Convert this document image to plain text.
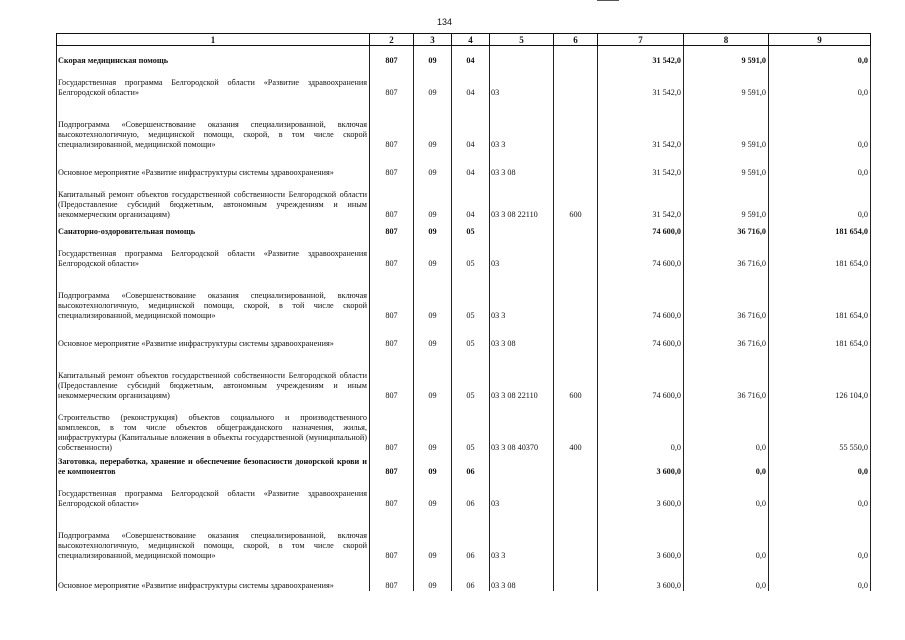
134
1	2	3	4	5	6	7	8	9
Скорая медицинская помощь	807	09	04			31 542,0	9 591,0	0,0
Государственная программа Белгородской области «Развитие здравоохранения Белгородской области»	807	09	04	03		31 542,0	9 591,0	0,0
Подпрограмма «Совершенствование оказания специализированной, включая высокотехнологичную, медицинской помощи, скорой, в том числе скорой специализированной, медицинской помощи»	807	09	04	03 3		31 542,0	9 591,0	0,0
Основное мероприятие «Развитие инфраструктуры системы здравоохранения»	807	09	04	03 3 08		31 542,0	9 591,0	0,0
Капитальный ремонт объектов государственной собственности Белгородской области (Предоставление субсидий бюджетным, автономным учреждениям и иным некоммерческим организациям)	807	09	04	03 3 08 22110	600	31 542,0	9 591,0	0,0
Санаторно-оздоровительная помощь	807	09	05			74 600,0	36 716,0	181 654,0
Государственная программа Белгородской области «Развитие здравоохранения Белгородской области»	807	09	05	03		74 600,0	36 716,0	181 654,0
Подпрограмма «Совершенствование оказания специализированной, включая высокотехнологичную, медицинской помощи, скорой, в той числе скорой специализированной, медицинской помощи»	807	09	05	03 3		74 600,0	36 716,0	181 654,0
Основное мероприятие «Развитие инфраструктуры системы здравоохранения»	807	09	05	03 3 08		74 600,0	36 716,0	181 654,0
Капитальный ремонт объектов государственной собственности Белгородской области (Предоставление субсидий бюджетным, автономным учреждениям и иным некоммерческим организациям)	807	09	05	03 3 08 22110	600	74 600,0	36 716,0	126 104,0
Строительство (реконструкция) объектов социального и производственного комплексов, в том числе объектов общегражданского назначения, жилья, инфраструктуры (Капитальные вложения в объекты государственной (муниципальной) собственности)	807	09	05	03 3 08 40370	400	0,0	0,0	55 550,0
Заготовка, переработка, хранение и обеспечение безопасности донорской крови и ее компонентов	807	09	06			3 600,0	0,0	0,0
Государственная программа Белгородской области «Развитие здравоохранения Белгородской области»	807	09	06	03		3 600,0	0,0	0,0
Подпрограмма «Совершенствование оказания специализированной, включая высокотехнологичную, медицинской помощи, скорой, в том числе скорой специализированной, медицинской помощи»	807	09	06	03 3		3 600,0	0,0	0,0
Основное мероприятие «Развитие инфраструктуры системы здравоохранения»	807	09	06	03 3 08		3 600,0	0,0	0,0
